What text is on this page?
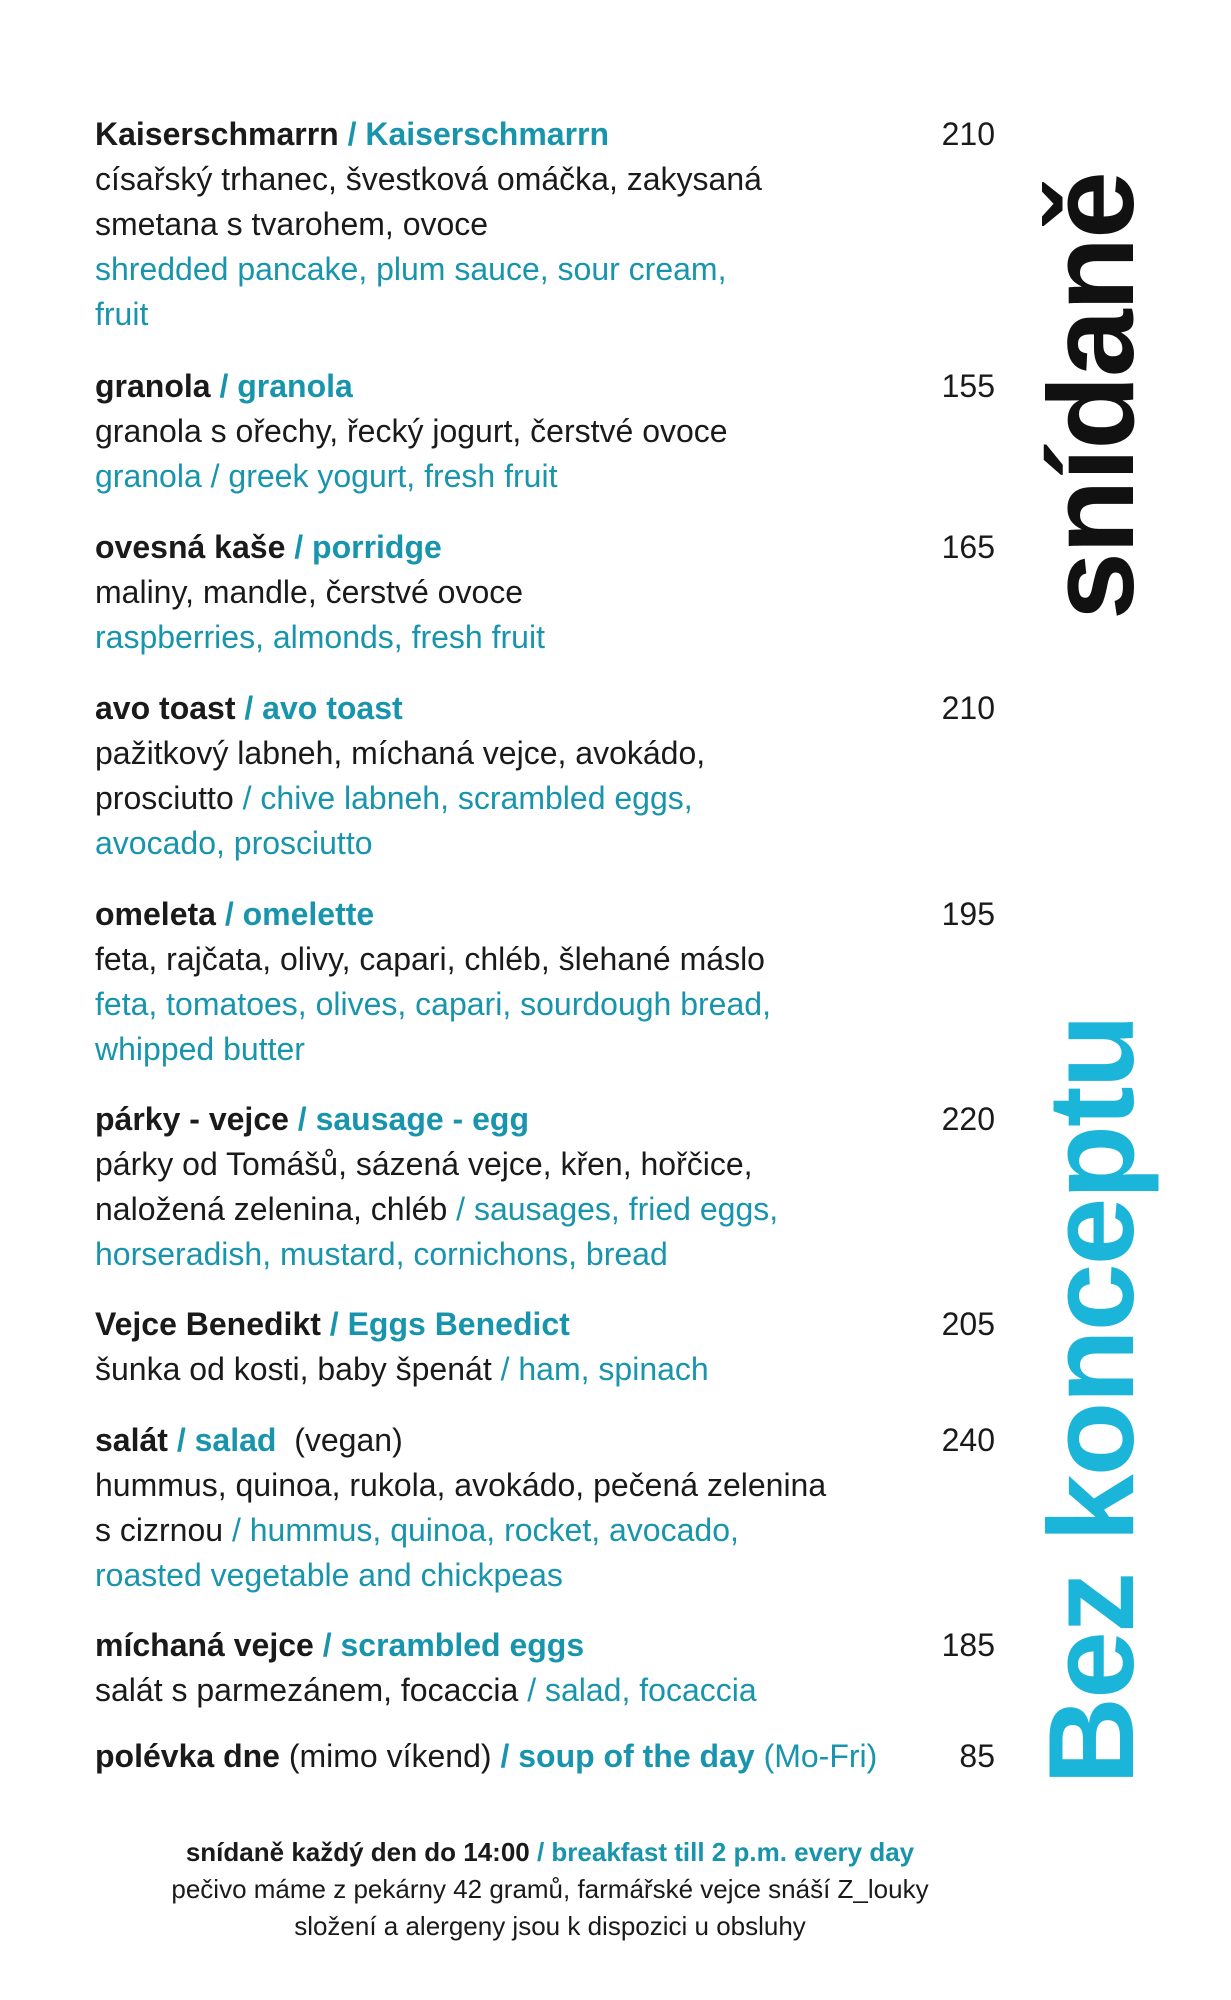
Kaiserschmarrn / Kaiserschmarrn	210
císařský trhanec, švestková omáčka, zakysaná
smetana s tvarohem, ovoce
shredded pancake, plum sauce, sour cream,
fruit
granola / granola	155
granola s ořechy, řecký jogurt, čerstvé ovoce
granola / greek yogurt, fresh fruit
ovesná kaše / porridge	165
maliny, mandle, čerstvé ovoce
raspberries, almonds, fresh fruit
avo toast / avo toast	210
pažitkový labneh, míchaná vejce, avokádo,
prosciutto / chive labneh, scrambled eggs,
avocado, prosciutto
omeleta / omelette	195
feta, rajčata, olivy, capari, chléb, šlehané máslo
feta, tomatoes, olives, capari, sourdough bread,
whipped butter
párky - vejce / sausage - egg	220
párky od Tomášů, sázená vejce, křen, hořčice,
naložená zelenina, chléb / sausages, fried eggs,
horseradish, mustard, cornichons, bread
Vejce Benedikt / Eggs Benedict	205
šunka od kosti, baby špenát / ham, spinach
salát / salad (vegan)	240
hummus, quinoa, rukola, avokádo, pečená zelenina
s cizrnou / hummus, quinoa, rocket, avocado,
roasted vegetable and chickpeas
míchaná vejce / scrambled eggs	185
salát s parmezánem, focaccia / salad, focaccia
polévka dne (mimo víkend) / soup of the day (Mo-Fri)	85
snídaně
Bez konceptu
snídaně každý den do 14:00 / breakfast till 2 p.m. every day
pečivo máme z pekárny 42 gramů, farmářské vejce snáší Z_louky
složení a alergeny jsou k dispozici u obsluhy
